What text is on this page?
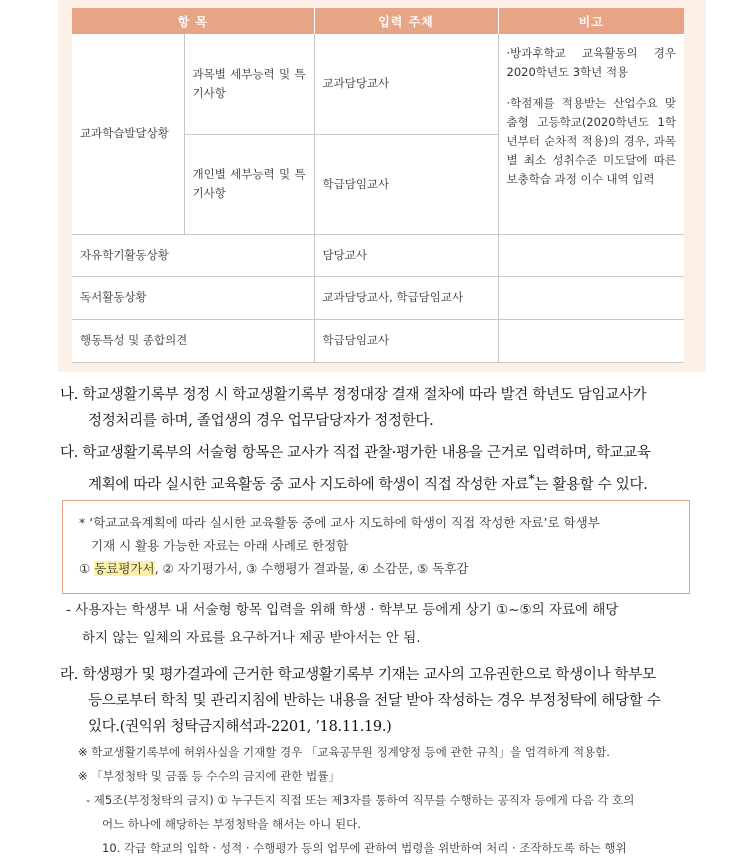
항 목		입력 주체	비고
교과학습발달상황	과목별 세부능력 및 특기사항	교과담당교사	·방과후학교 교육활동의 경우 2020학년도 3학년 적용
·학점제를 적용받는 산업수요 맞춤형 고등학교(2020학년도 1학년부터 순차적 적용)의 경우, 과목별 최소 성취수준 미도달에 따른 보충학습 과정 이수 내역 입력

	개인별 세부능력 및 특기사항	학급담임교사	
자유학기활동상황		담당교사	
독서활동상황		교과담당교사, 학급담임교사	
행동특성 및 종합의견		학급담임교사	
나. 학교생활기록부 정정 시 학교생활기록부 정정대장 결재 절차에 따라 발견 학년도 담임교사가
정정처리를 하며, 졸업생의 경우 업무담당자가 정정한다.
다. 학교생활기록부의 서술형 항목은 교사가 직접 관찰·평가한 내용을 근거로 입력하며, 학교교육
계획에 따라 실시한 교육활동 중 교사 지도하에 학생이 직접 작성한 자료*는 활용할 수 있다.
* ‘학교교육계획에 따라 실시한 교육활동 중에 교사 지도하에 학생이 직접 작성한 자료’로 학생부
기재 시 활용 가능한 자료는 아래 사례로 한정함
① 동료평가서, ② 자기평가서, ③ 수행평가 결과물, ④ 소감문, ⑤ 독후감
- 사용자는 학생부 내 서술형 항목 입력을 위해 학생 · 학부모 등에게 상기 ①~⑤의 자료에 해당
하지 않는 일체의 자료를 요구하거나 제공 받아서는 안 됨.
라. 학생평가 및 평가결과에 근거한 학교생활기록부 기재는 교사의 고유권한으로 학생이나 학부모
등으로부터 학칙 및 관리지침에 반하는 내용을 전달 받아 작성하는 경우 부정청탁에 해당할 수
있다.(권익위 청탁금지해석과-2201, ’18.11.19.)
※ 학교생활기록부에 허위사실을 기재할 경우 「교육공무원 징계양정 등에 관한 규칙」을 엄격하게 적용함.
※ 「부정청탁 및 금품 등 수수의 금지에 관한 법률」
- 제5조(부정청탁의 금지) ① 누구든지 직접 또는 제3자를 통하여 직무를 수행하는 공직자 등에게 다음 각 호의
어느 하나에 해당하는 부정청탁을 해서는 아니 된다.
10. 각급 학교의 입학 · 성적 · 수행평가 등의 업무에 관하여 법령을 위반하여 처리 · 조작하도록 하는 행위
